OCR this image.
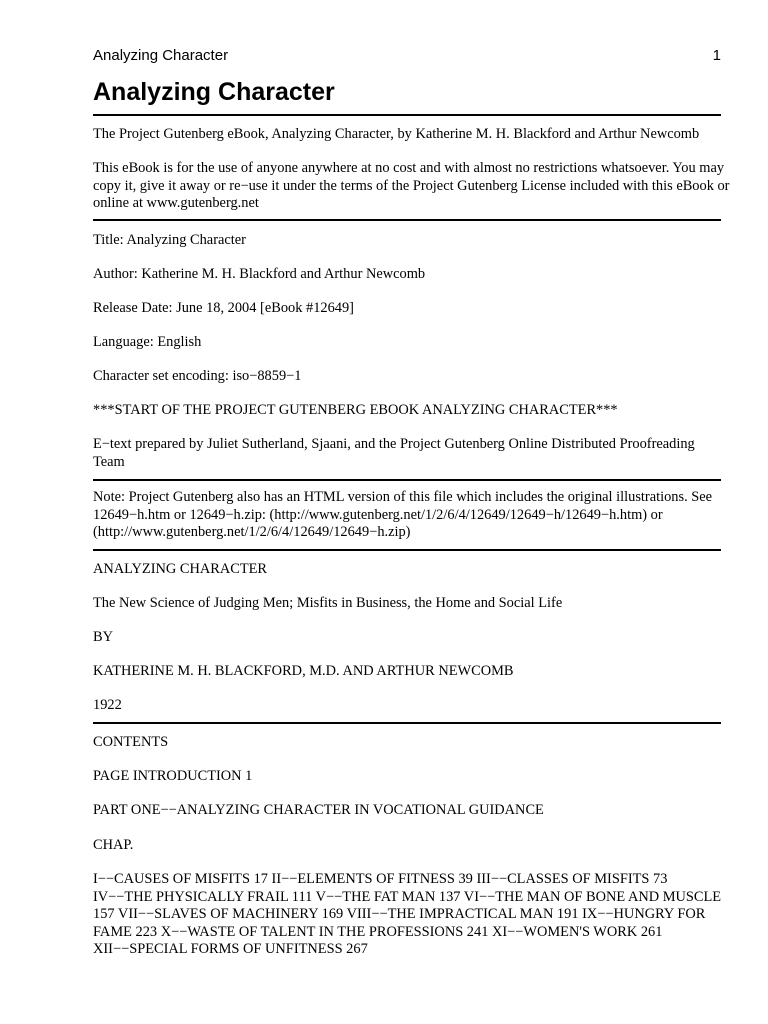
Analyzing Character	1
Analyzing Character

The Project Gutenberg eBook, Analyzing Character, by Katherine M. H. Blackford and Arthur Newcomb

This eBook is for the use of anyone anywhere at no cost and with almost no restrictions whatsoever. You may

copy it, give it away or re−use it under the terms of the Project Gutenberg License included with this eBook or

online at www.gutenberg.net

Title: Analyzing Character

Author: Katherine M. H. Blackford and Arthur Newcomb

Release Date: June 18, 2004 [eBook #12649]

Language: English

Character set encoding: iso−8859−1

***START OF THE PROJECT GUTENBERG EBOOK ANALYZING CHARACTER***

E−text prepared by Juliet Sutherland, Sjaani, and the Project Gutenberg Online Distributed Proofreading

Team

Note: Project Gutenberg also has an HTML version of this file which includes the original illustrations. See

12649−h.htm or 12649−h.zip: (http://www.gutenberg.net/1/2/6/4/12649/12649−h/12649−h.htm) or

(http://www.gutenberg.net/1/2/6/4/12649/12649−h.zip)

ANALYZING CHARACTER

The New Science of Judging Men; Misfits in Business, the Home and Social Life

BY

KATHERINE M. H. BLACKFORD, M.D. AND ARTHUR NEWCOMB

1922

CONTENTS

PAGE INTRODUCTION 1

PART ONE−−ANALYZING CHARACTER IN VOCATIONAL GUIDANCE

CHAP.

I−−CAUSES OF MISFITS 17 II−−ELEMENTS OF FITNESS 39 III−−CLASSES OF MISFITS 73

IV−−THE PHYSICALLY FRAIL 111 V−−THE FAT MAN 137 VI−−THE MAN OF BONE AND MUSCLE

157 VII−−SLAVES OF MACHINERY 169 VIII−−THE IMPRACTICAL MAN 191 IX−−HUNGRY FOR

FAME 223 X−−WASTE OF TALENT IN THE PROFESSIONS 241 XI−−WOMEN'S WORK 261

XII−−SPECIAL FORMS OF UNFITNESS 267
